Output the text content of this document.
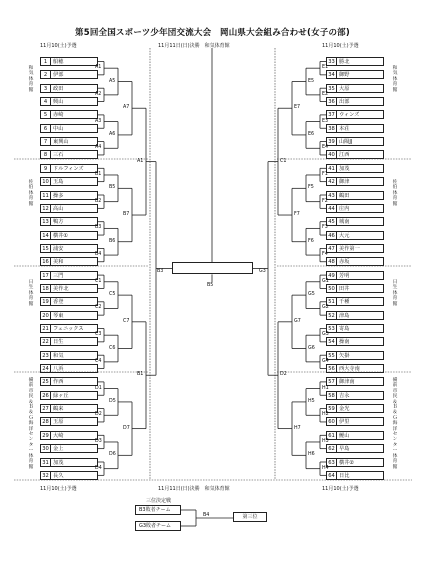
第5回全国スポーツ少年団交流大会　岡山県大会組み合わせ(女子の部)
11月10(土)予選	11月11日(日)決勝　和気体育館	11月10(土)予選
11月10(土)予選	11月11日(日)決勝　和気体育館	11月10(土)予選
1 船穂
2 伊部
3 政田
4 興山
5 赤崎
6 中山
7 東興山
8 三石
9 ドルフィンズ
10 玉島
11 操多
12 高山
13 鴨方
14 横井①
15 浦安
16 美和
17 三門
18 美作北
19 香登
20 琴東
21 フェニックス
22 日生
23 和気
24 八浜
25 作西
26 緑ヶ丘
27 鶴来
28 玉原
29 大崎
30 金上
31 加茂
32 長久
A1
A2
A3
A4
B1
B2
B3
B4
C1
C2
C3
C4
D1
D2
D3
D4
A5
A6
B5
B6
C5
C6
D5
D6
A7
B7
C7
D7
A1
B1
B3
33 勝北
34 御野
35 大原
36 出部
37 ウィンズ
38 本荘
39 山陽JJ
40 江西
41 加茂
42 御津
43 鶴田
44 庄内
45 城南
46 大元
47 美作第一
48 赤坂
49 芳明
50 田井
51 千種
52 津島
53 寄島
54 操南
55 矢掛
56 西大寺南
57 御津南
58 吉永
59 金光
60 伊里
61 鯉山
62 早島
63 横井②
64 日比
E1
E2
E3
E4
F1
F2
F3
F4
G1
G2
G3
G4
H1
H2
H3
H4
E5
E6
F5
F6
G5
G6
H5
H6
E7
F7
G7
H7
C1
D2
G3
B5
和気体育館
佐伯体育館
日生体育館
備前市民＆Ｂ＆Ｇ海洋センター体育館
和気体育館
佐伯体育館
日生体育館
備前市民＆Ｂ＆Ｇ海洋センター体育館
三位決定戦
B3敗者チーム
G3敗者チーム
B4	第三位
